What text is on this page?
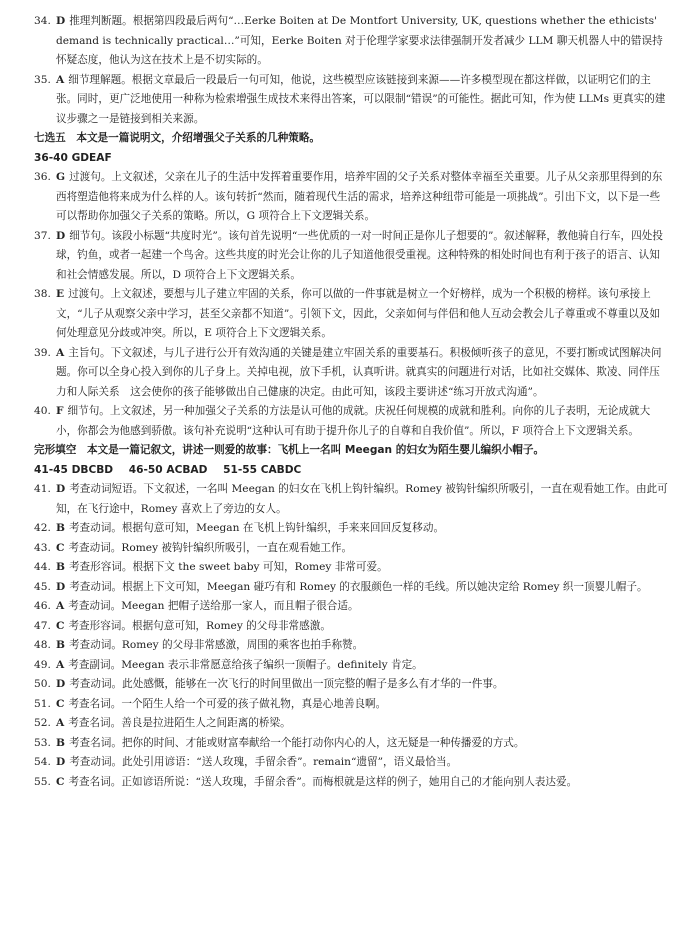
34. D 推理判断题。根据第四段最后两句“…Eerke Boiten at De Montfort University, UK, questions whether the ethicists' demand is technically practical…”可知，Eerke Boiten 对于伦理学家要求法律强制开发者减少 LLM 聊天机器人中的错误持怀疑态度，他认为这在技术上是不切实际的。

35. A 细节理解题。根据文章最后一段最后一句可知，他说，这些模型应该链接到来源——许多模型现在都这样做，以证明它们的主张。同时，更广泛地使用一种称为检索增强生成技术来得出答案，可以限制“错误”的可能性。据此可知，作为使 LLMs 更真实的建议步骤之一是链接到相关来源。

七选五　本文是一篇说明文，介绍增强父子关系的几种策略。

36-40 GDEAF

36. G 过渡句。上文叙述，父亲在儿子的生活中发挥着重要作用，培养牢固的父子关系对整体幸福至关重要。儿子从父亲那里得到的东西将塑造他将来成为什么样的人。该句转折“然而，随着现代生活的需求，培养这种纽带可能是一项挑战”。引出下文，以下是一些可以帮助你加强父子关系的策略。所以，G 项符合上下文逻辑关系。

37. D 细节句。该段小标题“共度时光”。该句首先说明“一些优质的一对一时间正是你儿子想要的”。叙述解释，教他骑自行车，四处投球，钓鱼，或者一起建一个鸟舍。这些共度的时光会让你的儿子知道他很受重视。这种特殊的相处时间也有利于孩子的语言、认知和社会情感发展。所以，D 项符合上下文逻辑关系。

38. E 过渡句。上文叙述，要想与儿子建立牢固的关系，你可以做的一件事就是树立一个好榜样，成为一个积极的榜样。该句承接上文，“儿子从观察父亲中学习，甚至父亲都不知道”。引领下文，因此，父亲如何与伴侣和他人互动会教会儿子尊重或不尊重以及如何处理意见分歧或冲突。所以，E 项符合上下文逻辑关系。

39. A 主旨句。下文叙述，与儿子进行公开有效沟通的关键是建立牢固关系的重要基石。积极倾听孩子的意见，不要打断或试图解决问题。你可以全身心投入到你的儿子身上。关掉电视，放下手机，认真听讲。就真实的问题进行对话，比如社交媒体、欺凌、同伴压力和人际关系　这会使你的孩子能够做出自己健康的决定。由此可知，该段主要讲述“练习开放式沟通”。

40. F 细节句。上文叙述，另一种加强父子关系的方法是认可他的成就。庆祝任何规模的成就和胜利。向你的儿子表明，无论成就大小，你都会为他感到骄傲。该句补充说明“这种认可有助于提升你儿子的自尊和自我价值”。所以，F 项符合上下文逻辑关系。

完形填空　本文是一篇记叙文，讲述一则爱的故事：飞机上一名叫 Meegan 的妇女为陌生婴儿编织小帽子。

41-45 DBCBD 46-50 ACBAD 51-55 CABDC

41. D 考查动词短语。下文叙述，一名叫 Meegan 的妇女在飞机上钩针编织。Romey 被钩针编织所吸引，一直在观看她工作。由此可知，在飞行途中，Romey 喜欢上了旁边的女人。

42. B 考查动词。根据句意可知，Meegan 在飞机上钩针编织，手来来回回反复移动。

43. C 考查动词。Romey 被钩针编织所吸引，一直在观看她工作。

44. B 考查形容词。根据下文 the sweet baby 可知，Romey 非常可爱。

45. D 考查动词。根据上下文可知，Meegan 碰巧有和 Romey 的衣服颜色一样的毛线。所以她决定给 Romey 织一顶婴儿帽子。

46. A 考查动词。Meegan 把帽子送给那一家人，而且帽子很合适。

47. C 考查形容词。根据句意可知，Romey 的父母非常感激。

48. B 考查动词。Romey 的父母非常感激，周围的乘客也拍手称赞。

49. A 考查副词。Meegan 表示非常愿意给孩子编织一顶帽子。definitely 肯定。

50. D 考查动词。此处感慨，能够在一次飞行的时间里做出一顶完整的帽子是多么有才华的一件事。

51. C 考查名词。一个陌生人给一个可爱的孩子做礼物，真是心地善良啊。

52. A 考查名词。善良是拉进陌生人之间距离的桥梁。

53. B 考查名词。把你的时间、才能或财富奉献给一个能打动你内心的人，这无疑是一种传播爱的方式。

54. D 考查动词。此处引用谚语：“送人玫瑰，手留余香”。remain“遗留”，语义最恰当。

55. C 考查名词。正如谚语所说：“送人玫瑰，手留余香”。而梅根就是这样的例子，她用自己的才能向别人表达爱。
